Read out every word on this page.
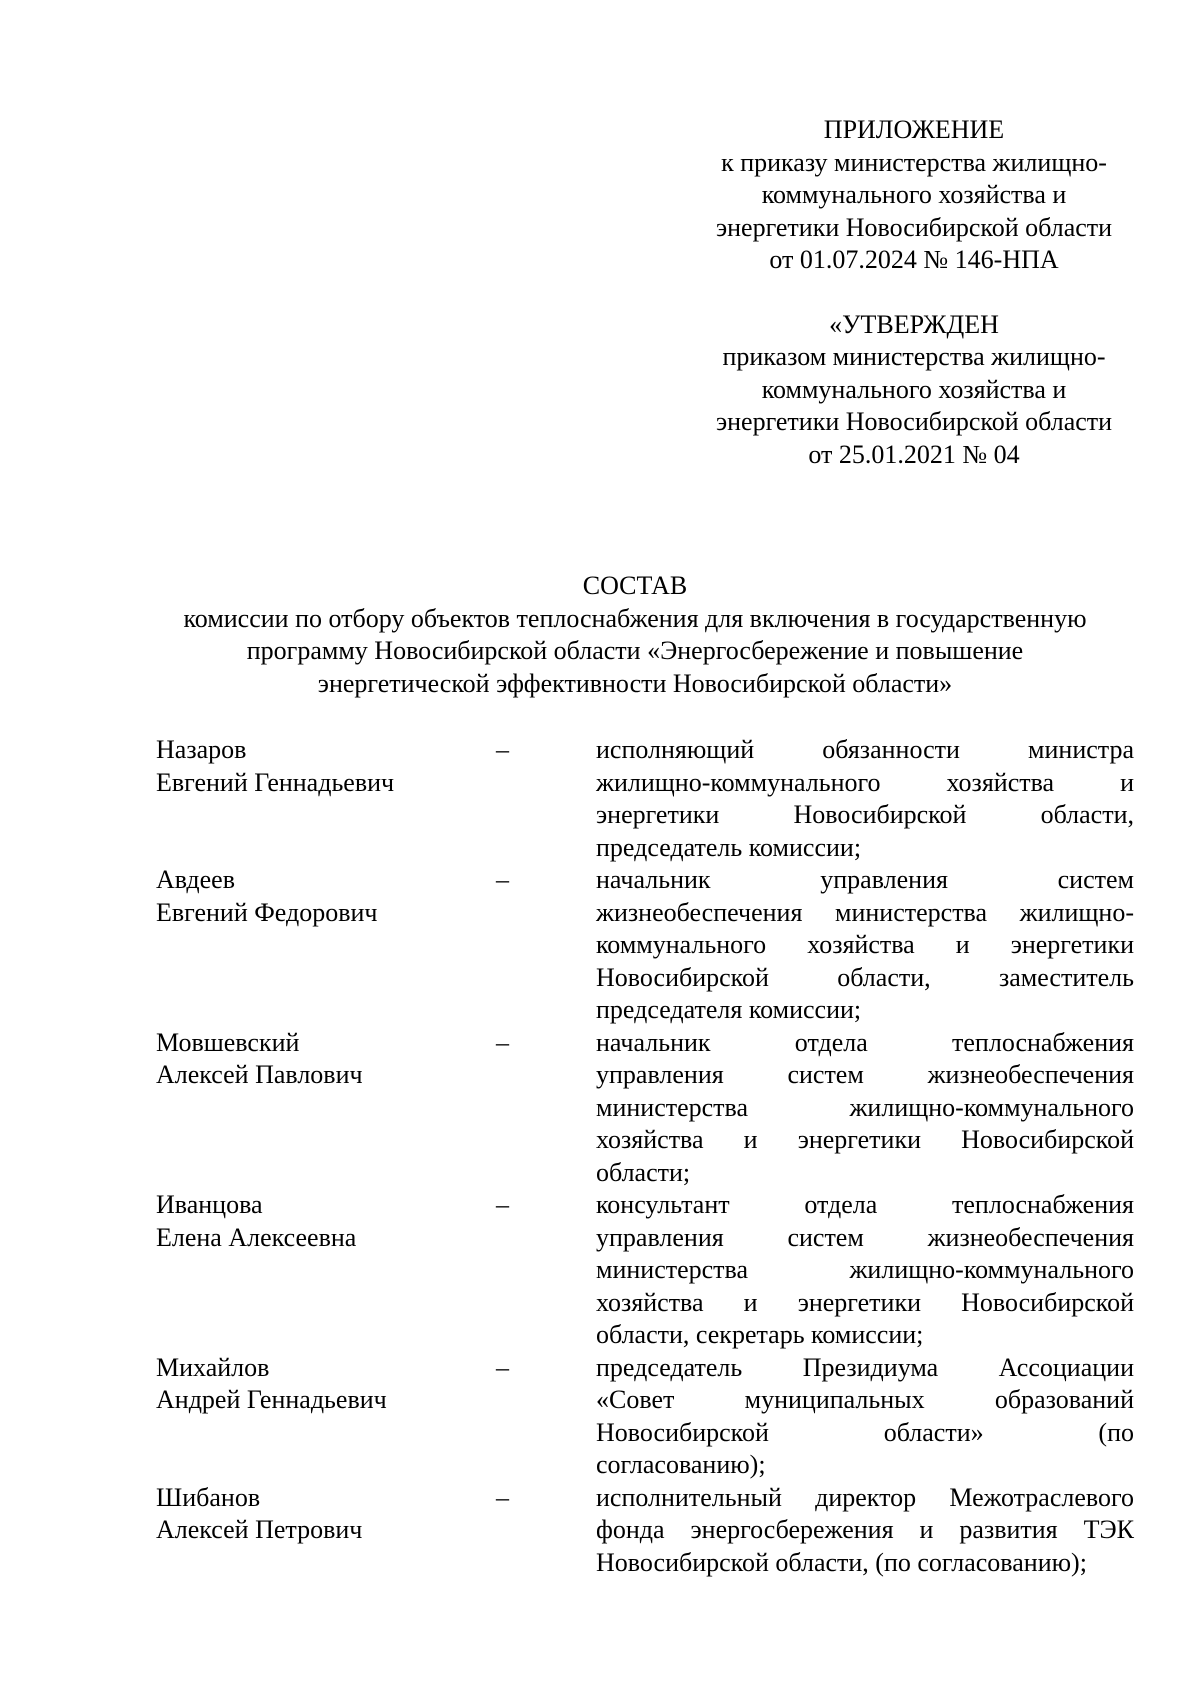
ПРИЛОЖЕНИЕ
к приказу министерства жилищно-
коммунального хозяйства и
энергетики Новосибирской области
от 01.07.2024 № 146-НПА
«УТВЕРЖДЕН
приказом министерства жилищно-
коммунального хозяйства и
энергетики Новосибирской области
от 25.01.2021 № 04
СОСТАВ
комиссии по отбору объектов теплоснабжения для включения в государственную
программу Новосибирской области «Энергосбережение и повышение
энергетической эффективности Новосибирской области»
Назаров
Евгений Геннадьевич
–	исполняющий обязанности министра
жилищно-коммунального хозяйства и
энергетики Новосибирской области,
председатель комиссии;
Авдеев
Евгений Федорович
–	начальник управления систем
жизнеобеспечения министерства жилищно-
коммунального хозяйства и энергетики
Новосибирской области, заместитель
председателя комиссии;
Мовшевский
Алексей Павлович
–	начальник отдела теплоснабжения
управления систем жизнеобеспечения
министерства жилищно-коммунального
хозяйства и энергетики Новосибирской
области;
Иванцова
Елена Алексеевна
–	консультант отдела теплоснабжения
управления систем жизнеобеспечения
министерства жилищно-коммунального
хозяйства и энергетики Новосибирской
области, секретарь комиссии;
Михайлов
Андрей Геннадьевич
–	председатель Президиума Ассоциации
«Совет муниципальных образований
Новосибирской области» (по
согласованию);
Шибанов
Алексей Петрович
–	исполнительный директор Межотраслевого
фонда энергосбережения и развития ТЭК
Новосибирской области, (по согласованию);
